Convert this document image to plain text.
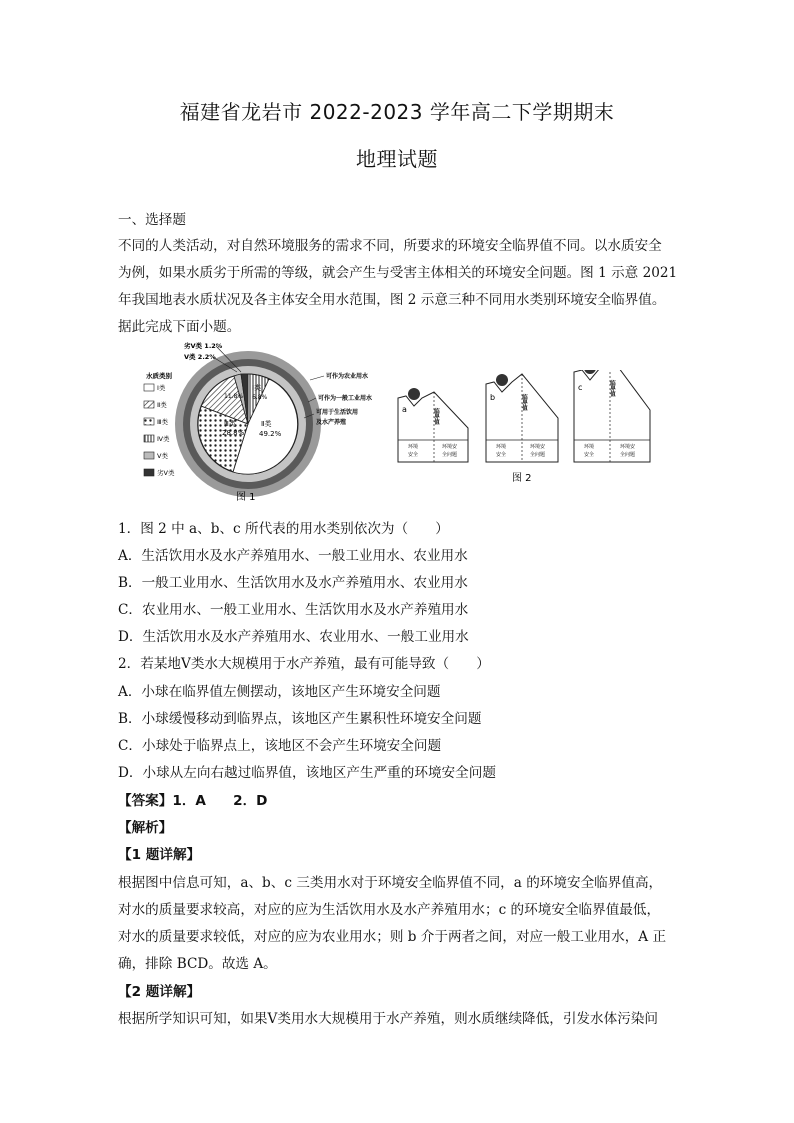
福建省龙岩市 2022-2023 学年高二下学期期末
地理试题
一、选择题
不同的人类活动，对自然环境服务的需求不同，所要求的环境安全临界值不同。以水质安全
为例，如果水质劣于所需的等级，就会产生与受害主体相关的环境安全问题。图 1 示意 2021
年我国地表水质状况及各主体安全用水范围，图 2 示意三种不同用水类别环境安全临界值。
据此完成下面小题。
Ⅰ类
6.8%
Ⅱ类
49.2%
Ⅲ类
28.8%
11.8%
劣Ⅴ类 1.2%
Ⅴ类 2.2%
水质类别
Ⅰ类
Ⅱ类
Ⅲ类
Ⅳ类
Ⅴ类
劣Ⅴ类
可作为农业用水
可作为一般工业用水
可用于生活饮用
及水产养殖
图 1
a	临界值
环境
安全
环境安
全问题
b	临界值
环境
安全
环境安
全问题
c	临界值
环境
安全
环境安
全问题
图 2
1．图 2 中 a、b、c 所代表的用水类别依次为（　　）
A．生活饮用水及水产养殖用水、一般工业用水、农业用水
B．一般工业用水、生活饮用水及水产养殖用水、农业用水
C．农业用水、一般工业用水、生活饮用水及水产养殖用水
D．生活饮用水及水产养殖用水、农业用水、一般工业用水
2．若某地Ⅴ类水大规模用于水产养殖，最有可能导致（　　）
A．小球在临界值左侧摆动，该地区产生环境安全问题
B．小球缓慢移动到临界点，该地区产生累积性环境安全问题
C．小球处于临界点上，该地区不会产生环境安全问题
D．小球从左向右越过临界值，该地区产生严重的环境安全问题
【答案】1．A　　2．D
【解析】
【1 题详解】
根据图中信息可知，a、b、c 三类用水对于环境安全临界值不同，a 的环境安全临界值高，
对水的质量要求较高，对应的应为生活饮用水及水产养殖用水；c 的环境安全临界值最低，
对水的质量要求较低，对应的应为农业用水；则 b 介于两者之间，对应一般工业用水，A 正
确，排除 BCD。故选 A。
【2 题详解】
根据所学知识可知，如果Ⅴ类用水大规模用于水产养殖，则水质继续降低，引发水体污染问
